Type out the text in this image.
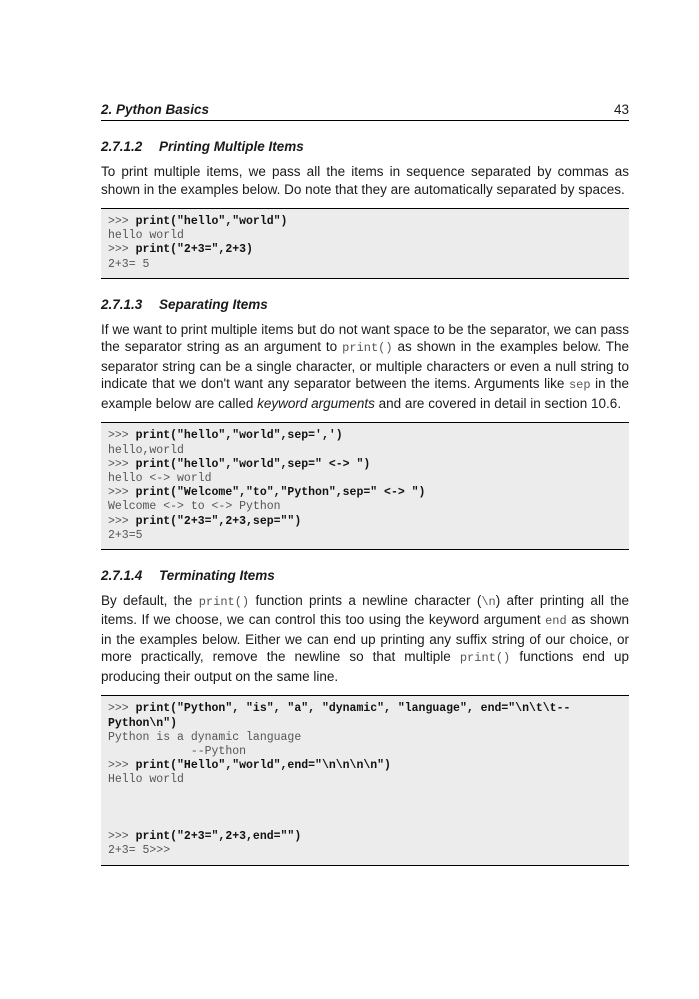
2. Python Basics	43
2.7.1.2 Printing Multiple Items

To print multiple items, we pass all the items in sequence separated by commas as shown in the examples below. Do note that they are automatically separated by spaces.

>>> print("hello","world")
hello world
>>> print("2+3=",2+3)
2+3= 5
2.7.1.3 Separating Items

If we want to print multiple items but do not want space to be the separator, we can pass the separator string as an argument to print() as shown in the examples below. The separator string can be a single character, or multiple characters or even a null string to indicate that we don't want any separator between the items. Arguments like sep in the example below are called keyword arguments and are covered in detail in section 10.6.

>>> print("hello","world",sep=',')
hello,world
>>> print("hello","world",sep=" <-> ")
hello <-> world
>>> print("Welcome","to","Python",sep=" <-> ")
Welcome <-> to <-> Python
>>> print("2+3=",2+3,sep="")
2+3=5
2.7.1.4 Terminating Items

By default, the print() function prints a newline character (\n) after printing all the items. If we choose, we can control this too using the keyword argument end as shown in the examples below. Either we can end up printing any suffix string of our choice, or more practically, remove the newline so that multiple print() functions end up producing their output on the same line.

>>> print("Python", "is", "a", "dynamic", "language", end="\n\t\t--
Python\n")
Python is a dynamic language
--Python
>>> print("Hello","world",end="\n\n\n\n")
Hello world
>>> print("2+3=",2+3,end="")
2+3= 5>>>
